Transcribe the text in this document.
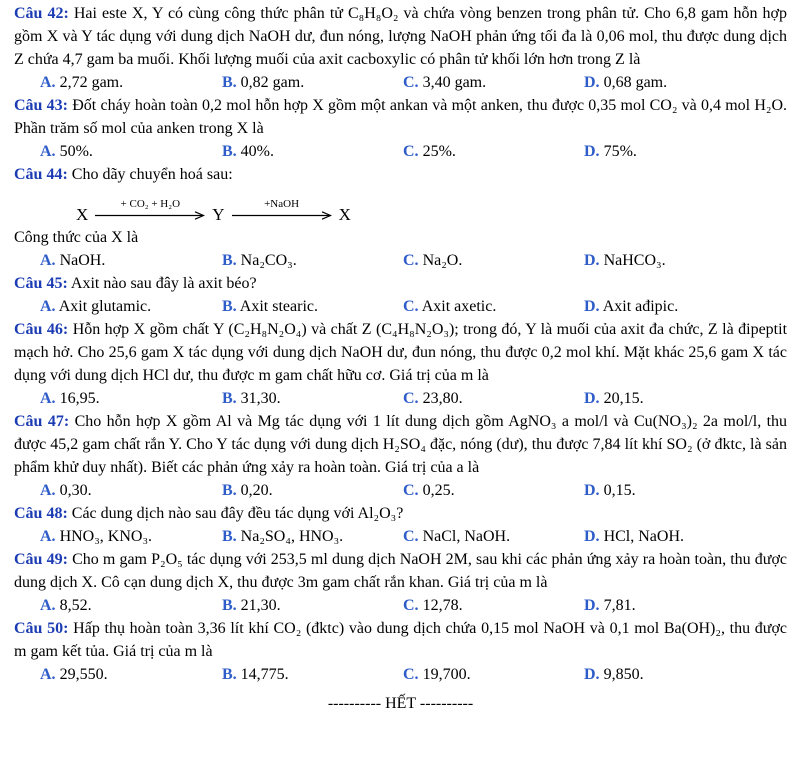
Câu 42: Hai este X, Y có cùng công thức phân tử C₈H₈O₂ và chứa vòng benzen trong phân tử. Cho 6,8 gam hỗn hợp gồm X và Y tác dụng với dung dịch NaOH dư, đun nóng, lượng NaOH phản ứng tối đa là 0,06 mol, thu được dung dịch Z chứa 4,7 gam ba muối. Khối lượng muối của axit cacboxylic có phân tử khối lớn hơn trong Z là

A. 2,72 gam.	B. 0,82 gam.	C. 3,40 gam.	D. 0,68 gam.

Câu 43: Đốt cháy hoàn toàn 0,2 mol hỗn hợp X gồm một ankan và một anken, thu được 0,35 mol CO₂ và 0,4 mol H₂O. Phần trăm số mol của anken trong X là

A. 50%.	B. 40%.	C. 25%.	D. 75%.

Câu 44: Cho dãy chuyển hoá sau:

X
+ CO₂ + H₂O
Y
+NaOH
X

Công thức của X là

A. NaOH.	B. Na₂CO₃.	C. Na₂O.	D. NaHCO₃.

Câu 45: Axit nào sau đây là axit béo?

A. Axit glutamic.	B. Axit stearic.	C. Axit axetic.	D. Axit ađipic.

Câu 46: Hỗn hợp X gồm chất Y (C₂H₈N₂O₄) và chất Z (C₄H₈N₂O₃); trong đó, Y là muối của axit đa chức, Z là đipeptit mạch hở. Cho 25,6 gam X tác dụng với dung dịch NaOH dư, đun nóng, thu được 0,2 mol khí. Mặt khác 25,6 gam X tác dụng với dung dịch HCl dư, thu được m gam chất hữu cơ. Giá trị của m là

A. 16,95.	B. 31,30.	C. 23,80.	D. 20,15.

Câu 47: Cho hỗn hợp X gồm Al và Mg tác dụng với 1 lít dung dịch gồm AgNO₃ a mol/l và Cu(NO₃)₂ 2a mol/l, thu được 45,2 gam chất rắn Y. Cho Y tác dụng với dung dịch H₂SO₄ đặc, nóng (dư), thu được 7,84 lít khí SO₂ (ở đktc, là sản phẩm khử duy nhất). Biết các phản ứng xảy ra hoàn toàn. Giá trị của a là

A. 0,30.	B. 0,20.	C. 0,25.	D. 0,15.

Câu 48: Các dung dịch nào sau đây đều tác dụng với Al₂O₃?

A. HNO₃, KNO₃.	B. Na₂SO₄, HNO₃.	C. NaCl, NaOH.	D. HCl, NaOH.

Câu 49: Cho m gam P₂O₅ tác dụng với 253,5 ml dung dịch NaOH 2M, sau khi các phản ứng xảy ra hoàn toàn, thu được dung dịch X. Cô cạn dung dịch X, thu được 3m gam chất rắn khan. Giá trị của m là

A. 8,52.	B. 21,30.	C. 12,78.	D. 7,81.

Câu 50: Hấp thụ hoàn toàn 3,36 lít khí CO₂ (đktc) vào dung dịch chứa 0,15 mol NaOH và 0,1 mol Ba(OH)₂, thu được m gam kết tủa. Giá trị của m là

A. 29,550.	B. 14,775.	C. 19,700.	D. 9,850.

---------- HẾT ----------
